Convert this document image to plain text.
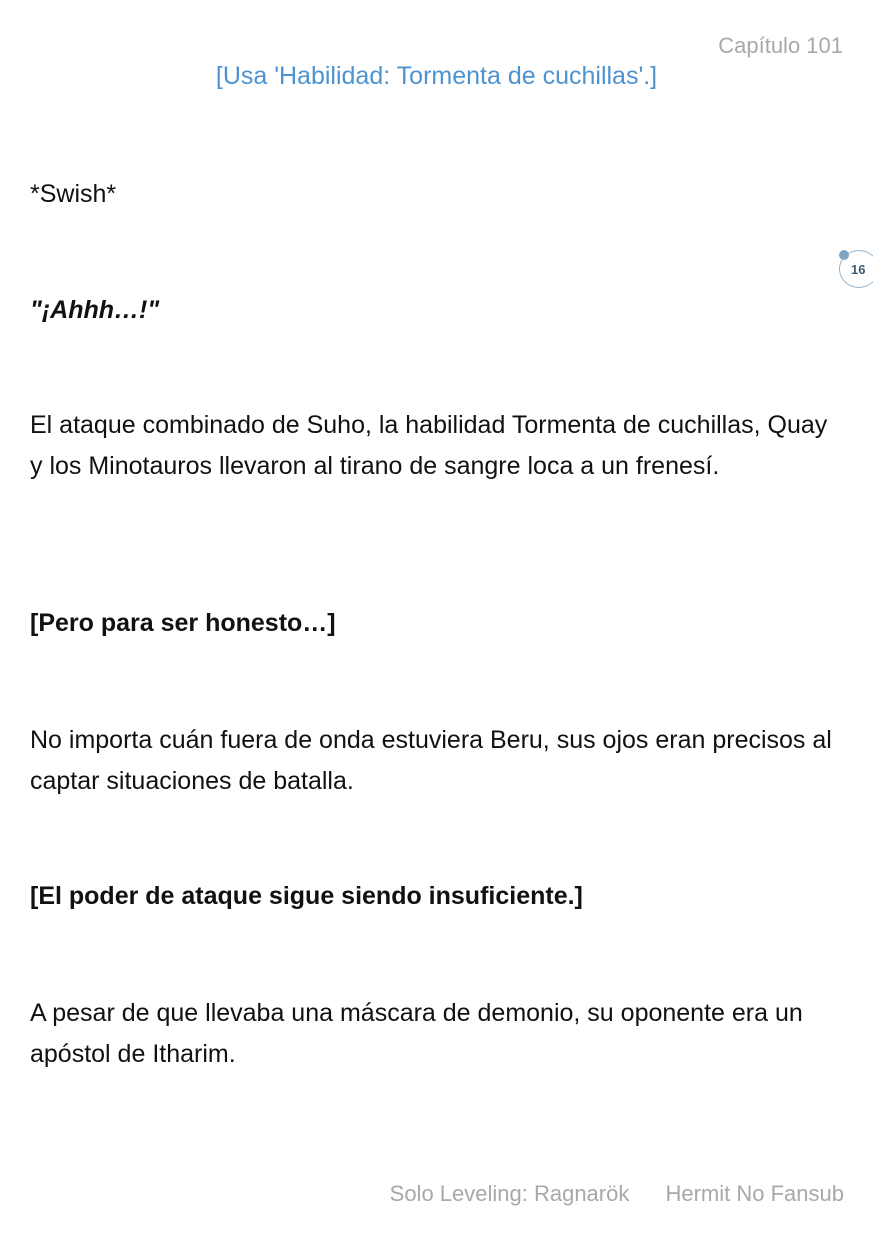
Capítulo 101
[Usa 'Habilidad: Tormenta de cuchillas'.]
16

*Swish*

"¡Ahhh…!"

El ataque combinado de Suho, la habilidad Tormenta de cuchillas, Quay y los Minotauros llevaron al tirano de sangre loca a un frenesí.

[Pero para ser honesto…]

No importa cuán fuera de onda estuviera Beru, sus ojos eran precisos al captar situaciones de batalla.

[El poder de ataque sigue siendo insuficiente.]

A pesar de que llevaba una máscara de demonio, su oponente era un apóstol de Itharim.

Solo Leveling: Ragnarök Hermit No Fansub
